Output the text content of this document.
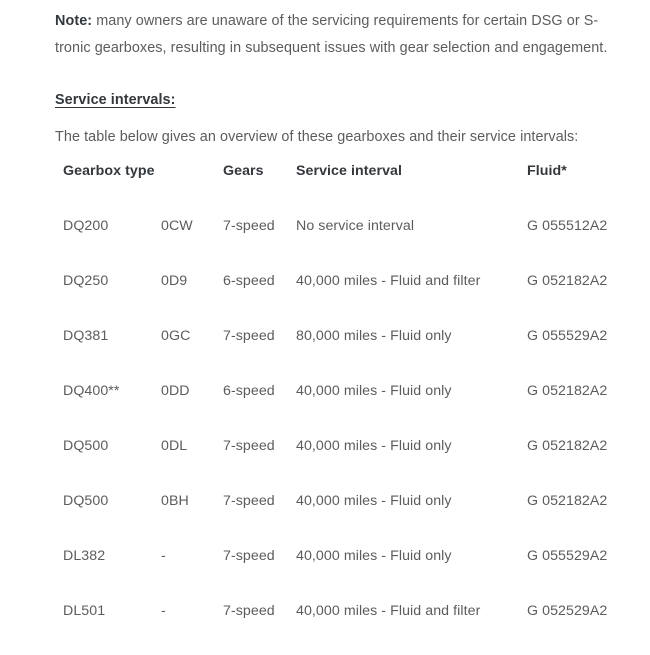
Note: many owners are unaware of the servicing requirements for certain DSG or S-tronic gearboxes, resulting in subsequent issues with gear selection and engagement.

Service intervals:

The table below gives an overview of these gearboxes and their service intervals:

Gearbox type		Gears	Service interval	Fluid*
DQ200	0CW	7-speed	No service interval	G 055512A2
DQ250	0D9	6-speed	40,000 miles - Fluid and filter	G 052182A2
DQ381	0GC	7-speed	80,000 miles - Fluid only	G 055529A2
DQ400**	0DD	6-speed	40,000 miles - Fluid only	G 052182A2
DQ500	0DL	7-speed	40,000 miles - Fluid only	G 052182A2
DQ500	0BH	7-speed	40,000 miles - Fluid only	G 052182A2
DL382	-	7-speed	40,000 miles - Fluid only	G 055529A2
DL501	-	7-speed	40,000 miles - Fluid and filter	G 052529A2
